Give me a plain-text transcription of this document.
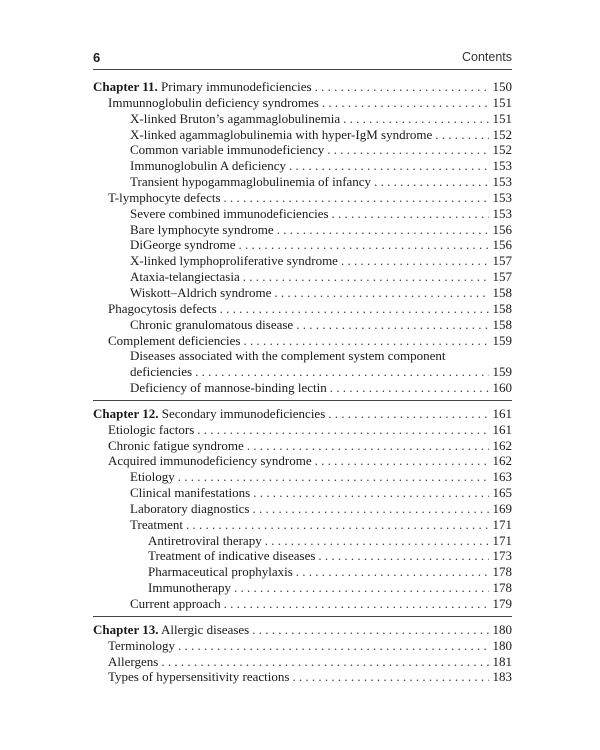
6	Contents
Chapter 11. Primary immunodeficiencies . . .	150
Immunnoglobulin deficiency syndromes . . .	151
X-linked Bruton’s agammaglobulinemia . . .	151
X-linked agammaglobulinemia with hyper-IgM syndrome . . .	152
Common variable immunodeficiency . . .	152
Immunoglobulin A deficiency . . .	153
Transient hypogammaglobulinemia of infancy . . .	153
T-lymphocyte defects . . .	153
Severe combined immunodeficiencies . . .	153
Bare lymphocyte syndrome . . .	156
DiGeorge syndrome . . .	156
X-linked lymphoproliferative syndrome . . .	157
Ataxia-telangiectasia . . .	157
Wiskott–Aldrich syndrome . . .	158
Phagocytosis defects . . .	158
Chronic granulomatous disease . . .	158
Complement deficiencies . . .	159
Diseases associated with the complement system component
deficiencies . . .	159
Deficiency of mannose-binding lectin . . .	160
Chapter 12. Secondary immunodeficiencies . . .	161
Etiologic factors . . .	161
Chronic fatigue syndrome . . .	162
Acquired immunodeficiency syndrome . . .	162
Etiology . . .	163
Clinical manifestations . . .	165
Laboratory diagnostics . . .	169
Treatment . . .	171
Antiretroviral therapy . . .	171
Treatment of indicative diseases . . .	173
Pharmaceutical prophylaxis . . .	178
Immunotherapy . . .	178
Current approach . . .	179
Chapter 13. Allergic diseases . . .	180
Terminology . . .	180
Allergens . . .	181
Types of hypersensitivity reactions . . .	183
